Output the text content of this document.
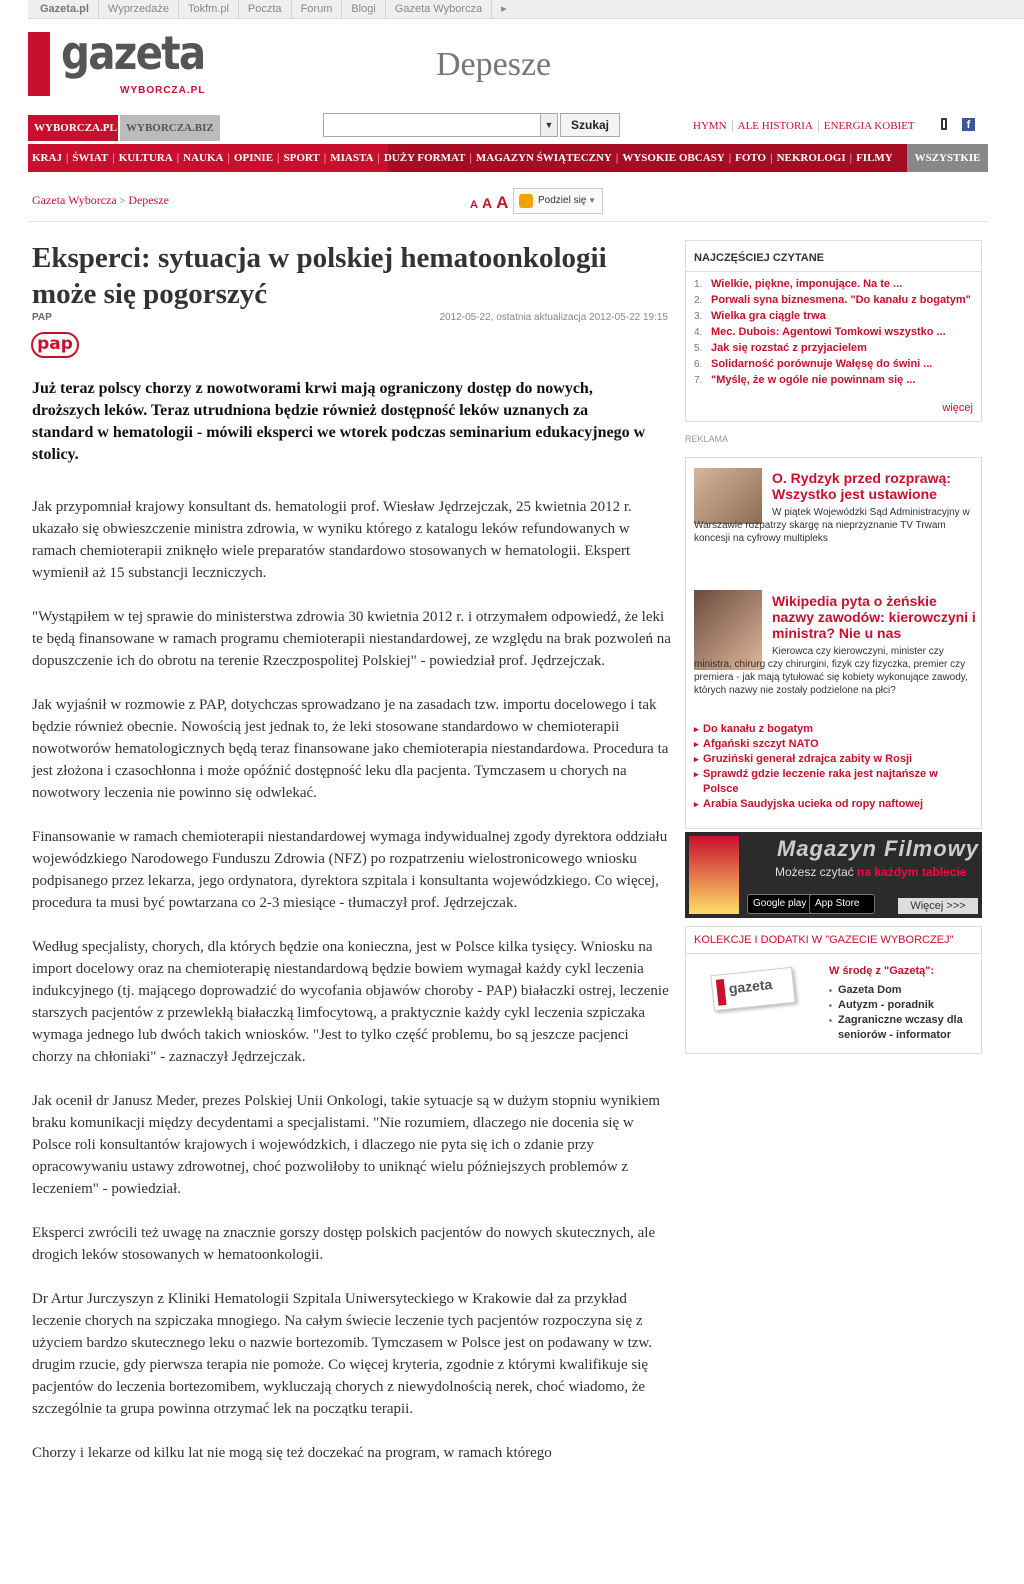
Gazeta.pl Wyprzedaże Tokfm.pl Poczta Forum Blogi Gazeta Wyborcza ▸
gazeta
WYBORCZA.PL
Depesze
WYBORCZA.PL WYBORCZA.BIZ	▼	Szukaj	HYMN ALE HISTORIA ENERGIA KOBIET	f
KRAJ | ŚWIAT | KULTURA | NAUKA | OPINIE | SPORT | MIASTA | DUŻY FORMAT | MAGAZYN ŚWIĄTECZNY | WYSOKIE OBCASY | FOTO | NEKROLOGI | FILMY	WSZYSTKIE
Gazeta Wyborcza > Depesze	A A A	Podziel się ▼
Eksperci: sytuacja w polskiej hematoonkologii może się pogorszyć
PAP	2012-05-22, ostatnia aktualizacja 2012-05-22 19:15
pap
Już teraz polscy chorzy z nowotworami krwi mają ograniczony dostęp do nowych, droższych leków. Teraz utrudniona będzie również dostępność leków uznanych za standard w hematologii - mówili eksperci we wtorek podczas seminarium edukacyjnego w stolicy.

Jak przypomniał krajowy konsultant ds. hematologii prof. Wiesław Jędrzejczak, 25 kwietnia 2012 r. ukazało się obwieszczenie ministra zdrowia, w wyniku którego z katalogu leków refundowanych w ramach chemioterapii zniknęło wiele preparatów standardowo stosowanych w hematologii. Ekspert wymienił aż 15 substancji leczniczych.

"Wystąpiłem w tej sprawie do ministerstwa zdrowia 30 kwietnia 2012 r. i otrzymałem odpowiedź, że leki te będą finansowane w ramach programu chemioterapii niestandardowej, ze względu na brak pozwoleń na dopuszczenie ich do obrotu na terenie Rzeczpospolitej Polskiej" - powiedział prof. Jędrzejczak.

Jak wyjaśnił w rozmowie z PAP, dotychczas sprowadzano je na zasadach tzw. importu docelowego i tak będzie również obecnie. Nowością jest jednak to, że leki stosowane standardowo w chemioterapii nowotworów hematologicznych będą teraz finansowane jako chemioterapia niestandardowa. Procedura ta jest złożona i czasochłonna i może opóźnić dostępność leku dla pacjenta. Tymczasem u chorych na nowotwory leczenia nie powinno się odwlekać.

Finansowanie w ramach chemioterapii niestandardowej wymaga indywidualnej zgody dyrektora oddziału wojewódzkiego Narodowego Funduszu Zdrowia (NFZ) po rozpatrzeniu wielostronicowego wniosku podpisanego przez lekarza, jego ordynatora, dyrektora szpitala i konsultanta wojewódzkiego. Co więcej, procedura ta musi być powtarzana co 2-3 miesiące - tłumaczył prof. Jędrzejczak.

Według specjalisty, chorych, dla których będzie ona konieczna, jest w Polsce kilka tysięcy. Wniosku na import docelowy oraz na chemioterapię niestandardową będzie bowiem wymagał każdy cykl leczenia indukcyjnego (tj. mającego doprowadzić do wycofania objawów choroby - PAP) białaczki ostrej, leczenie starszych pacjentów z przewlekłą białaczką limfocytową, a praktycznie każdy cykl leczenia szpiczaka wymaga jednego lub dwóch takich wniosków. "Jest to tylko część problemu, bo są jeszcze pacjenci chorzy na chłoniaki" - zaznaczył Jędrzejczak.

Jak ocenił dr Janusz Meder, prezes Polskiej Unii Onkologi, takie sytuacje są w dużym stopniu wynikiem braku komunikacji między decydentami a specjalistami. "Nie rozumiem, dlaczego nie docenia się w Polsce roli konsultantów krajowych i wojewódzkich, i dlaczego nie pyta się ich o zdanie przy opracowywaniu ustawy zdrowotnej, choć pozwoliłoby to uniknąć wielu późniejszych problemów z leczeniem" - powiedział.

Eksperci zwrócili też uwagę na znacznie gorszy dostęp polskich pacjentów do nowych skutecznych, ale drogich leków stosowanych w hematoonkologii.

Dr Artur Jurczyszyn z Kliniki Hematologii Szpitala Uniwersyteckiego w Krakowie dał za przykład leczenie chorych na szpiczaka mnogiego. Na całym świecie leczenie tych pacjentów rozpoczyna się z użyciem bardzo skutecznego leku o nazwie bortezomib. Tymczasem w Polsce jest on podawany w tzw. drugim rzucie, gdy pierwsza terapia nie pomoże. Co więcej kryteria, zgodnie z którymi kwalifikuje się pacjentów do leczenia bortezomibem, wykluczają chorych z niewydolnością nerek, choć wiadomo, że szczególnie ta grupa powinna otrzymać lek na początku terapii.

Chorzy i lekarze od kilku lat nie mogą się też doczekać na program, w ramach którego

NAJCZĘŚCIEJ CZYTANE
1. Wielkie, piękne, imponujące. Na te ...
2. Porwali syna biznesmena. "Do kanału z bogatym"
3. Wielka gra ciągle trwa
4. Mec. Dubois: Agentowi Tomkowi wszystko ...
5. Jak się rozstać z przyjacielem
6. Solidarność porównuje Wałęsę do świni ...
7. "Myślę, że w ogóle nie powinnam się ...
więcej
REKLAMA
O. Rydzyk przed rozprawą: Wszystko jest ustawione
W piątek Wojewódzki Sąd Administracyjny w Warszawie rozpatrzy skargę na nieprzyznanie TV Trwam koncesji na cyfrowy multipleks
Wikipedia pyta o żeńskie nazwy zawodów: kierowczyni i ministra? Nie u nas
Kierowca czy kierowczyni, minister czy ministra, chirurg czy chirurgini, fizyk czy fizyczka, premier czy premiera - jak mają tytułować się kobiety wykonujące zawody, których nazwy nie zostały podzielone na płci?
▸ Do kanału z bogatym
▸ Afgański szczyt NATO
▸ Gruziński generał zdrajca zabity w Rosji
▸ Sprawdź gdzie leczenie raka jest najtańsze w Polsce
▸ Arabia Saudyjska ucieka od ropy naftowej
Magazyn Filmowy
Możesz czytać na każdym tablecie
Google play App Store	Więcej >>>
KOLEKCJE I DODATKI W "GAZECIE WYBORCZEJ"
gazeta
W środę z "Gazetą":
▪ Gazeta Dom
▪ Autyzm - poradnik
▪ Zagraniczne wczasy dla seniorów - informator
